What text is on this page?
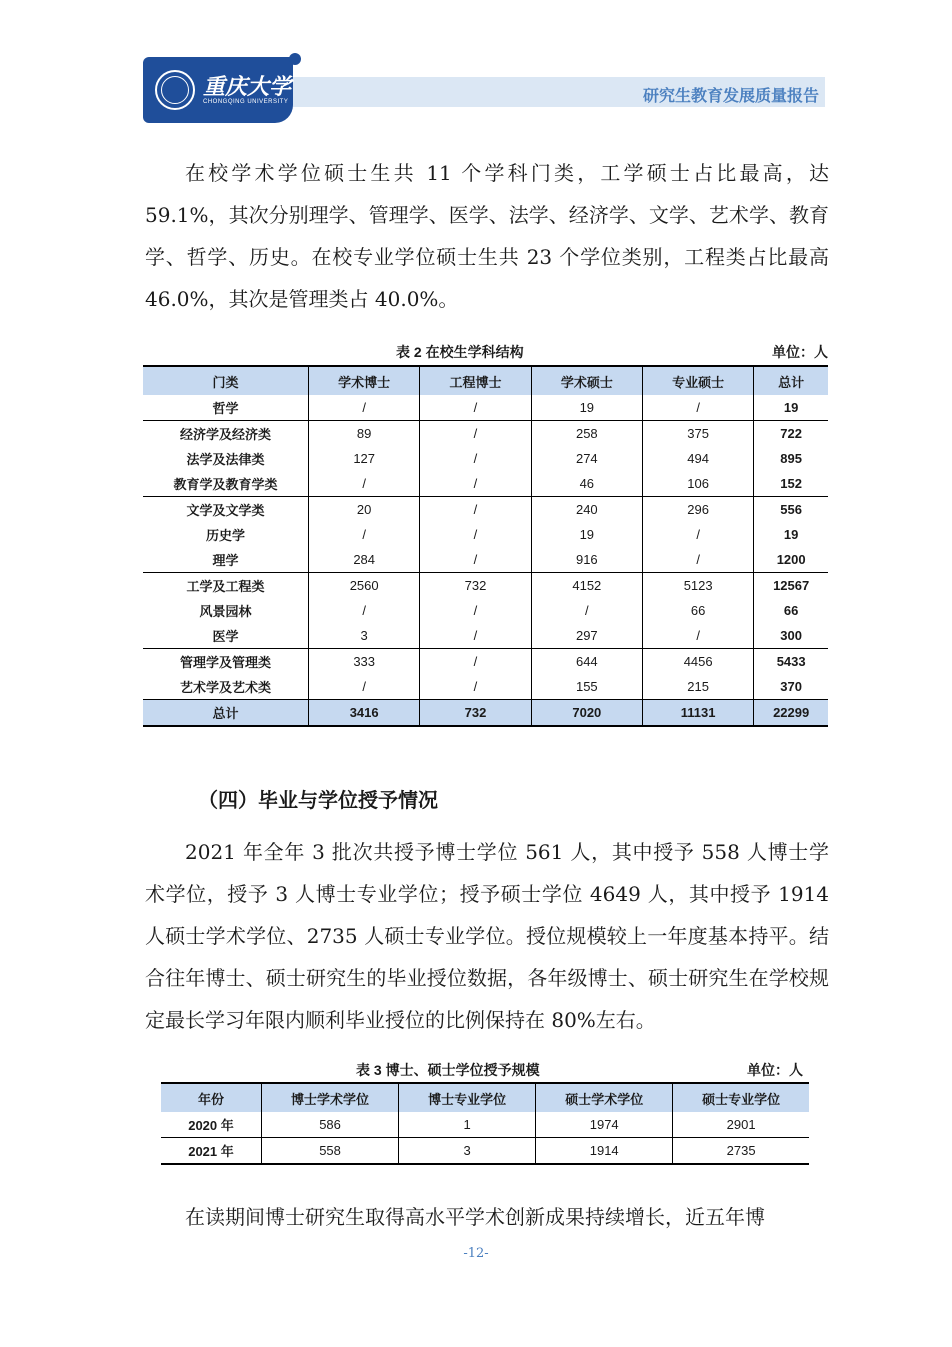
重庆大学
CHONGQING UNIVERSITY	研究生教育发展质量报告

在校学术学位硕士生共 11 个学科门类，工学硕士占比最高，达 59.1%，其次分别理学、管理学、医学、法学、经济学、文学、艺术学、教育学、哲学、历史。在校专业学位硕士生共 23 个学位类别，工程类占比最高 46.0%，其次是管理类占 40.0%。

表 2 在校生学科结构	单位：人
门类	学术博士	工程博士	学术硕士	专业硕士	总计
哲学	/	/	19	/	19
经济学及经济类	89	/	258	375	722
法学及法律类	127	/	274	494	895
教育学及教育学类	/	/	46	106	152
文学及文学类	20	/	240	296	556
历史学	/	/	19	/	19
理学	284	/	916	/	1200
工学及工程类	2560	732	4152	5123	12567
风景园林	/	/	/	66	66
医学	3	/	297	/	300
管理学及管理类	333	/	644	4456	5433
艺术学及艺术类	/	/	155	215	370
总计	3416	732	7020	11131	22299
（四）毕业与学位授予情况

2021 年全年 3 批次共授予博士学位 561 人，其中授予 558 人博士学术学位，授予 3 人博士专业学位；授予硕士学位 4649 人，其中授予 1914 人硕士学术学位、2735 人硕士专业学位。授位规模较上一年度基本持平。结合往年博士、硕士研究生的毕业授位数据，各年级博士、硕士研究生在学校规定最长学习年限内顺利毕业授位的比例保持在 80%左右。

表 3 博士、硕士学位授予规模	单位：人
年份	博士学术学位	博士专业学位	硕士学术学位	硕士专业学位
2020 年	586	1	1974	2901
2021 年	558	3	1914	2735

在读期间博士研究生取得高水平学术创新成果持续增长，近五年博

-12-
